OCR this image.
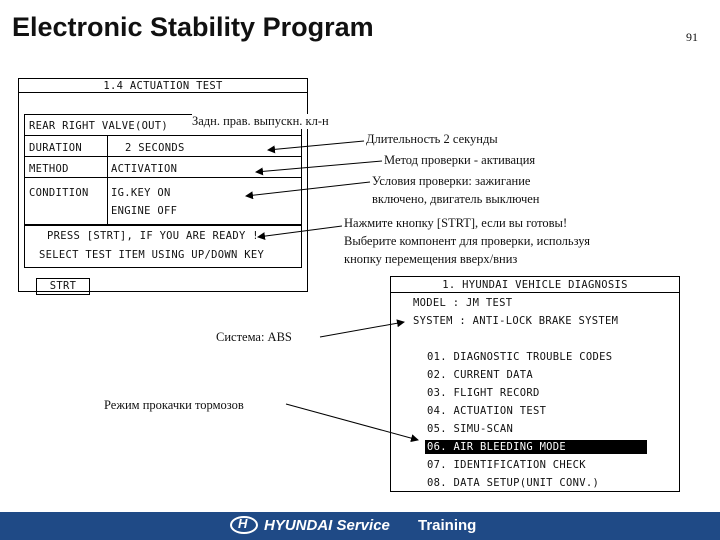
Electronic Stability Program	91
1.4 ACTUATION TEST
REAR RIGHT VALVE(OUT)
DURATION	2 SECONDS
METHOD	ACTIVATION
CONDITION IG.KEY ON
ENGINE OFF
PRESS [STRT], IF YOU ARE READY !
SELECT TEST ITEM USING UP/DOWN KEY
STRT	1. HYUNDAI VEHICLE DIAGNOSIS
MODEL : JM TEST
SYSTEM : ANTI-LOCK BRAKE SYSTEM
01. DIAGNOSTIC TROUBLE CODES
02. CURRENT DATA
03. FLIGHT RECORD
04. ACTUATION TEST
05. SIMU-SCAN
06. AIR BLEEDING MODE
07. IDENTIFICATION CHECK
08. DATA SETUP(UNIT CONV.)
Задн. прав. выпускн. кл-н
Длительность 2 секунды
Метод проверки - активация
Условия проверки: зажигание
включено, двигатель выключен
Нажмите кнопку [STRT], если вы готовы!
Выберите компонент для проверки, используя
кнопку перемещения вверх/вниз
Система: ABS
Режим прокачки тормозов
H
HYUNDAI Service Training
